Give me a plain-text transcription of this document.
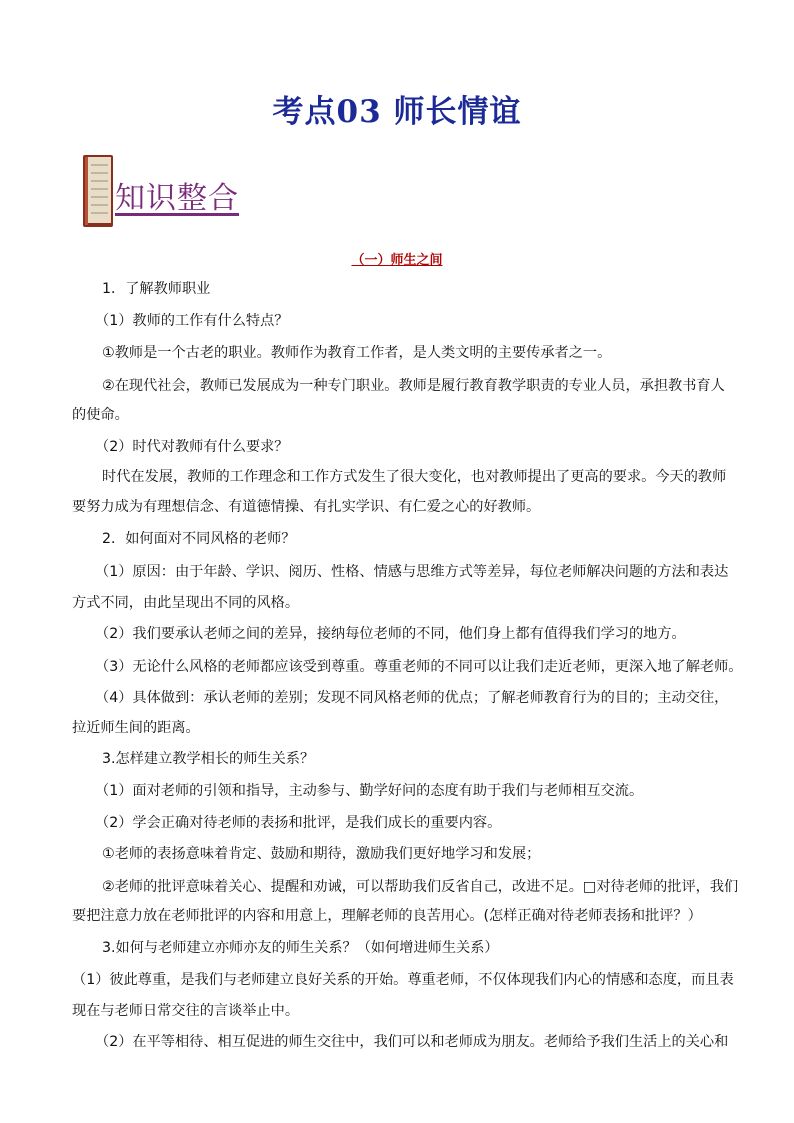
考点03 师长情谊
知识整合
（一）师生之间
1．了解教师职业
（1）教师的工作有什么特点？
①教师是一个古老的职业。教师作为教育工作者，是人类文明的主要传承者之一。
②在现代社会，教师已发展成为一种专门职业。教师是履行教育教学职责的专业人员，承担教书育人
的使命。
（2）时代对教师有什么要求？
时代在发展，教师的工作理念和工作方式发生了很大变化，也对教师提出了更高的要求。今天的教师
要努力成为有理想信念、有道德情操、有扎实学识、有仁爱之心的好教师。
2．如何面对不同风格的老师？
（1）原因：由于年龄、学识、阅历、性格、情感与思维方式等差异，每位老师解决问题的方法和表达
方式不同，由此呈现出不同的风格。
（2）我们要承认老师之间的差异，接纳每位老师的不同，他们身上都有值得我们学习的地方。
（3）无论什么风格的老师都应该受到尊重。尊重老师的不同可以让我们走近老师，更深入地了解老师。
（4）具体做到：承认老师的差别；发现不同风格老师的优点；了解老师教育行为的目的；主动交往，
拉近师生间的距离。
3.怎样建立教学相长的师生关系？
（1）面对老师的引领和指导，主动参与、勤学好问的态度有助于我们与老师相互交流。
（2）学会正确对待老师的表扬和批评，是我们成长的重要内容。
①老师的表扬意味着肯定、鼓励和期待，激励我们更好地学习和发展；
②老师的批评意味着关心、提醒和劝诫，可以帮助我们反省自己，改进不足。□对待老师的批评，我们
要把注意力放在老师批评的内容和用意上，理解老师的良苦用心。(怎样正确对待老师表扬和批评？）
3.如何与老师建立亦师亦友的师生关系？（如何增进师生关系）
（1）彼此尊重，是我们与老师建立良好关系的开始。尊重老师，不仅体现我们内心的情感和态度，而且表
现在与老师日常交往的言谈举止中。
（2）在平等相待、相互促进的师生交往中，我们可以和老师成为朋友。老师给予我们生活上的关心和
